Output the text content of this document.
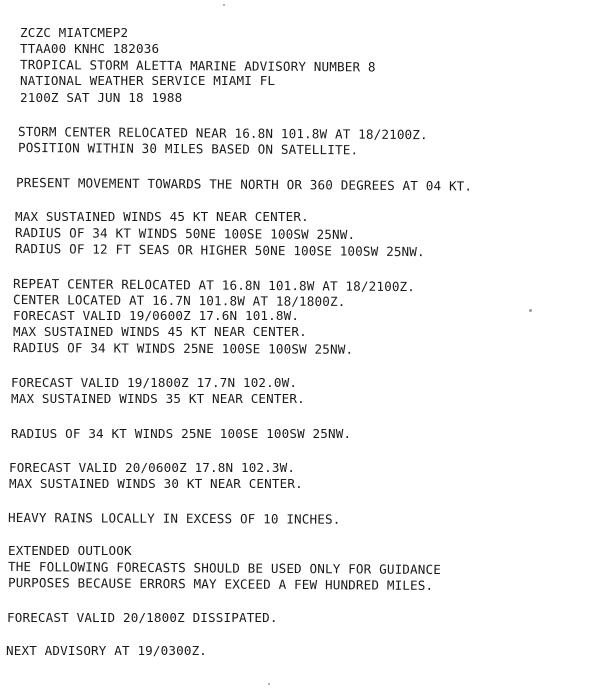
ZCZC MIATCMEP2
TTAA00 KNHC 182036
TROPICAL STORM ALETTA MARINE ADVISORY NUMBER 8
NATIONAL WEATHER SERVICE MIAMI FL
2100Z SAT JUN 18 1988
STORM CENTER RELOCATED NEAR 16.8N 101.8W AT 18/2100Z.
POSITION WITHIN 30 MILES BASED ON SATELLITE.
PRESENT MOVEMENT TOWARDS THE NORTH OR 360 DEGREES AT 04 KT.
MAX SUSTAINED WINDS 45 KT NEAR CENTER.
RADIUS OF 34 KT WINDS 50NE 100SE 100SW 25NW.
RADIUS OF 12 FT SEAS OR HIGHER 50NE 100SE 100SW 25NW.
REPEAT CENTER RELOCATED AT 16.8N 101.8W AT 18/2100Z.
CENTER LOCATED AT 16.7N 101.8W AT 18/1800Z.
FORECAST VALID 19/0600Z 17.6N 101.8W.
MAX SUSTAINED WINDS 45 KT NEAR CENTER.
RADIUS OF 34 KT WINDS 25NE 100SE 100SW 25NW.
FORECAST VALID 19/1800Z 17.7N 102.0W.
MAX SUSTAINED WINDS 35 KT NEAR CENTER.
RADIUS OF 34 KT WINDS 25NE 100SE 100SW 25NW.
FORECAST VALID 20/0600Z 17.8N 102.3W.
MAX SUSTAINED WINDS 30 KT NEAR CENTER.
HEAVY RAINS LOCALLY IN EXCESS OF 10 INCHES.
EXTENDED OUTLOOK
THE FOLLOWING FORECASTS SHOULD BE USED ONLY FOR GUIDANCE
PURPOSES BECAUSE ERRORS MAY EXCEED A FEW HUNDRED MILES.
FORECAST VALID 20/1800Z DISSIPATED.
NEXT ADVISORY AT 19/0300Z.
